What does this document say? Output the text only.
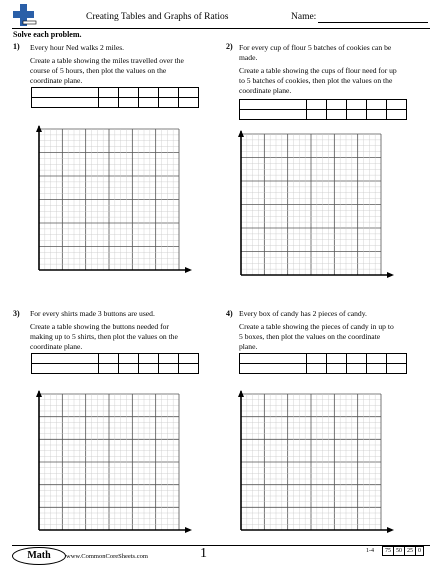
Creating Tables and Graphs of Ratios	Name:
Solve each problem.
1) Every hour Ned walks 2 miles.
Create a table showing the miles travelled over the
course of 5 hours, then plot the values on the
coordinate plane.

2) For every cup of flour 5 batches of cookies can be
made.
Create a table showing the cups of flour need for up
to 5 batches of cookies, then plot the values on the
coordinate plane.

3) For every shirts made 3 buttons are used.
Create a table showing the buttons needed for
making up to 5 shirts, then plot the values on the
coordinate plane.

4) Every box of candy has 2 pieces of candy.
Create a table showing the pieces of candy in up to
5 boxes, then plot the values on the coordinate
plane.

Math	www.CommonCoreSheets.com	1	1-4 75	50	25	0
